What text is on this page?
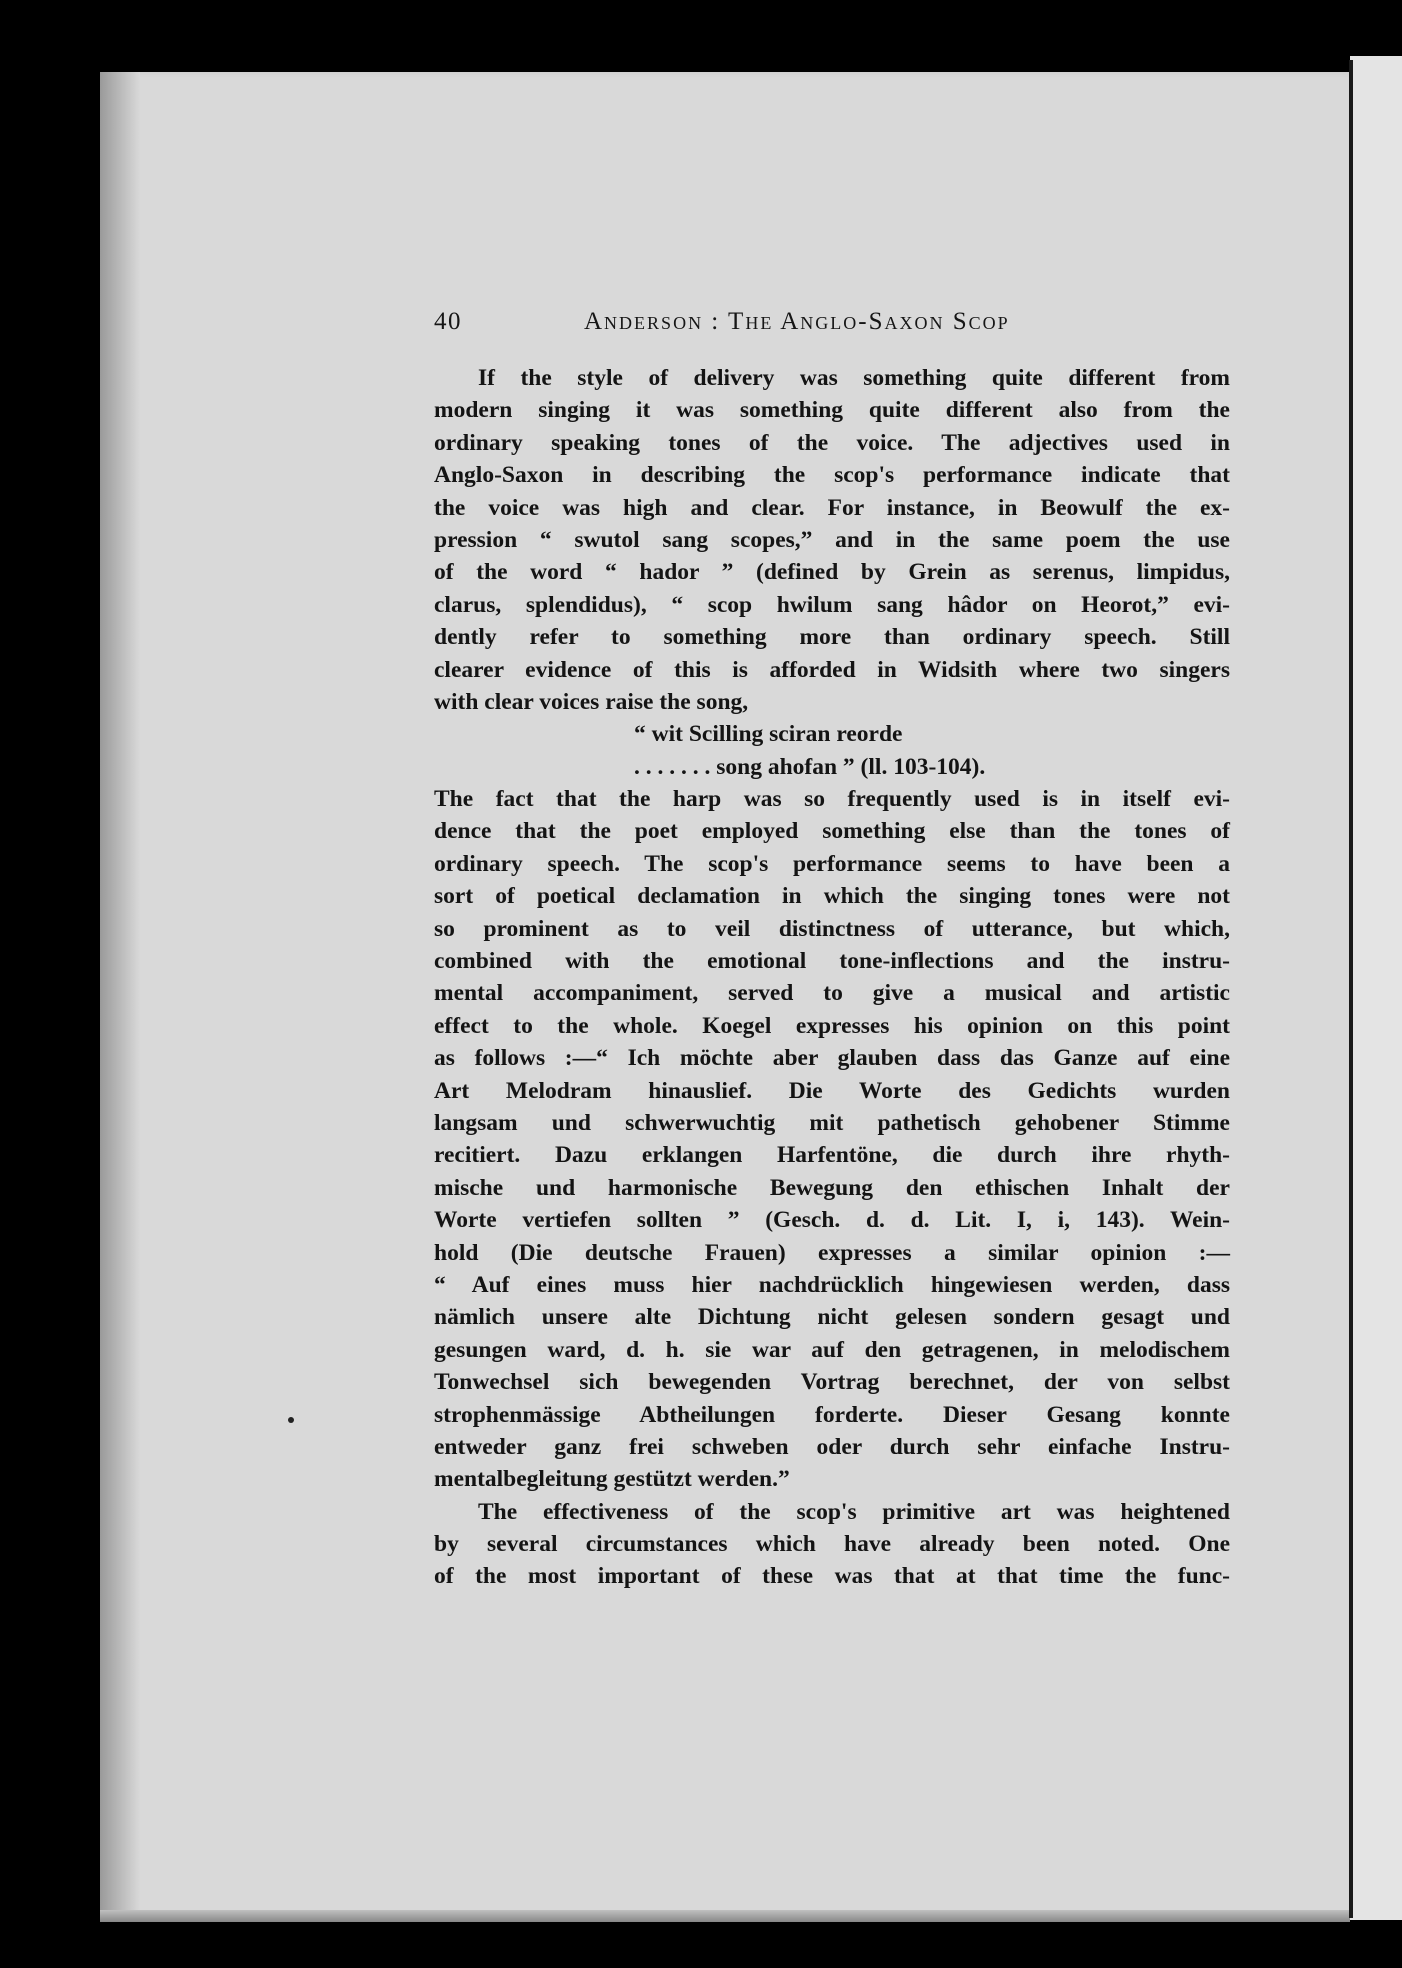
40	Anderson : The Anglo-Saxon Scop
If the style of delivery was something quite different from
modern singing it was something quite different also from the
ordinary speaking tones of the voice. The adjectives used in
Anglo-Saxon in describing the scop's performance indicate that
the voice was high and clear. For instance, in Beowulf the ex-
pression “ swutol sang scopes,” and in the same poem the use
of the word “ hador ” (defined by Grein as serenus, limpidus,
clarus, splendidus), “ scop hwilum sang hâdor on Heorot,” evi-
dently refer to something more than ordinary speech. Still
clearer evidence of this is afforded in Widsith where two singers
with clear voices raise the song,
“ wit Scilling sciran reorde
. . . . . . . song ahofan ” (ll. 103-104).
The fact that the harp was so frequently used is in itself evi-
dence that the poet employed something else than the tones of
ordinary speech. The scop's performance seems to have been a
sort of poetical declamation in which the singing tones were not
so prominent as to veil distinctness of utterance, but which,
combined with the emotional tone-inflections and the instru-
mental accompaniment, served to give a musical and artistic
effect to the whole. Koegel expresses his opinion on this point
as follows :—“ Ich möchte aber glauben dass das Ganze auf eine
Art Melodram hinauslief. Die Worte des Gedichts wurden
langsam und schwerwuchtig mit pathetisch gehobener Stimme
recitiert. Dazu erklangen Harfentöne, die durch ihre rhyth-
mische und harmonische Bewegung den ethischen Inhalt der
Worte vertiefen sollten ” (Gesch. d. d. Lit. I, i, 143). Wein-
hold (Die deutsche Frauen) expresses a similar opinion :—
“ Auf eines muss hier nachdrücklich hingewiesen werden, dass
nämlich unsere alte Dichtung nicht gelesen sondern gesagt und
gesungen ward, d. h. sie war auf den getragenen, in melodischem
Tonwechsel sich bewegenden Vortrag berechnet, der von selbst
strophenmässige Abtheilungen forderte. Dieser Gesang konnte
entweder ganz frei schweben oder durch sehr einfache Instru-
mentalbegleitung gestützt werden.”
The effectiveness of the scop's primitive art was heightened
by several circumstances which have already been noted. One
of the most important of these was that at that time the func-
